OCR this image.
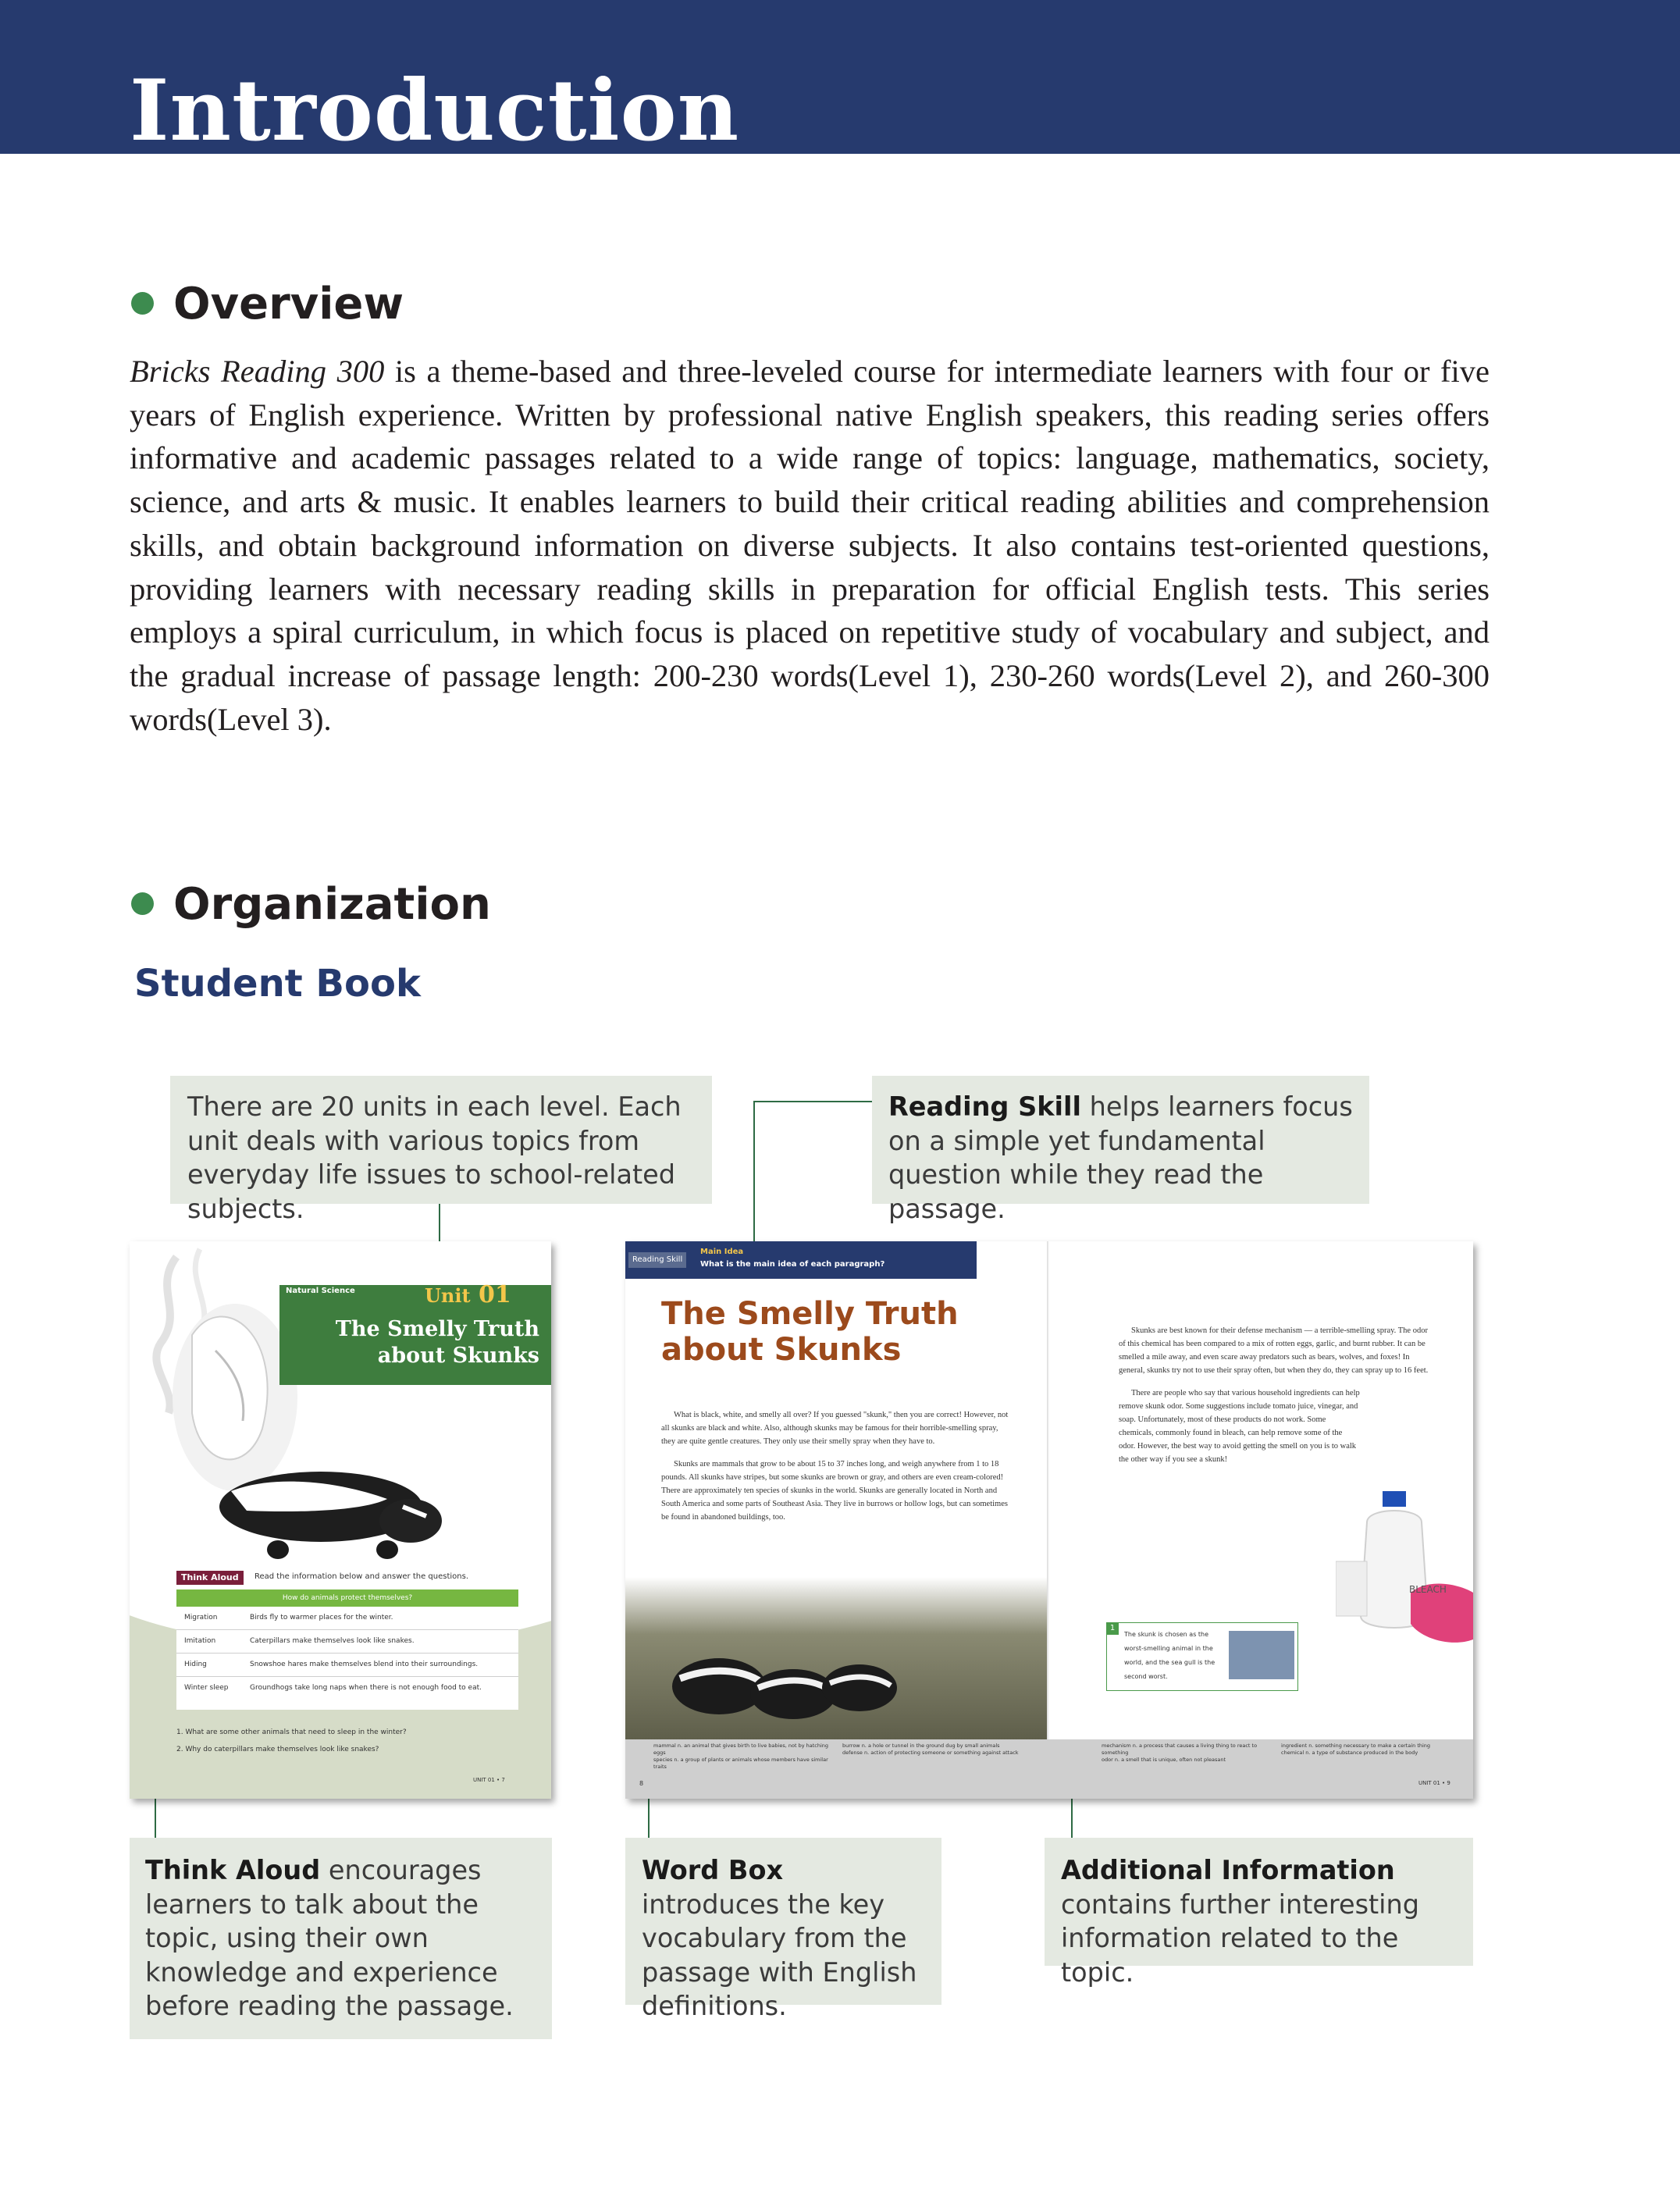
Introduction
Overview

Bricks Reading 300 is a theme-based and three-leveled course for intermediate learners with four or five years of English experience. Written by professional native English speakers, this reading series offers informative and academic passages related to a wide range of topics: language, mathematics, society, science, and arts & music. It enables learners to build their critical reading abilities and comprehension skills, and obtain background information on diverse subjects. It also contains test-oriented questions, providing learners with necessary reading skills in preparation for official English tests. This series employs a spiral curriculum, in which focus is placed on repetitive study of vocabulary and subject, and the gradual increase of passage length: 200-230 words(Level 1), 230-260 words(Level 2), and 260-300 words(Level 3).

Organization
Student Book
There are 20 units in each level. Each unit deals with various topics from everyday life issues to school-related subjects.
Reading Skill helps learners focus on a simple yet fundamental question while they read the passage.
Think Aloud encourages learners to talk about the topic, using their own knowledge and experience before reading the passage.
Word Box introduces the key vocabulary from the passage with English definitions.
Additional Information contains further interesting information related to the topic.
Natural Science	Unit 01
The Smelly Truth
about Skunks
Think Aloud	Read the information below and answer the questions.
How do animals protect themselves?
Migration	Birds fly to warmer places for the winter.
Imitation	Caterpillars make themselves look like snakes.
Hiding	Snowshoe hares make themselves blend into their surroundings.
Winter sleep	Groundhogs take long naps when there is not enough food to eat.
1. What are some other animals that need to sleep in the winter?
2. Why do caterpillars make themselves look like snakes?
UNIT 01 • 7
Reading Skill
Main Idea
What is the main idea of each paragraph?
The Smelly Truth
about Skunks

What is black, white, and smelly all over? If you guessed "skunk," then you are correct! However, not all skunks are black and white. Also, although skunks may be famous for their horrible-smelling spray, they are quite gentle creatures. They only use their smelly spray when they have to.

Skunks are mammals that grow to be about 15 to 37 inches long, and weigh anywhere from 1 to 18 pounds. All skunks have stripes, but some skunks are brown or gray, and others are even cream-colored! There are approximately ten species of skunks in the world. Skunks are generally located in North and South America and some parts of Southeast Asia. They live in burrows or hollow logs, but can sometimes be found in abandoned buildings, too.

Skunks are best known for their defense mechanism — a terrible-smelling spray. The odor of this chemical has been compared to a mix of rotten eggs, garlic, and burnt rubber. It can be smelled a mile away, and even scare away predators such as bears, wolves, and foxes! In general, skunks try not to use their spray often, but when they do, they can spray up to 16 feet.

There are people who say that various household ingredients can help remove skunk odor. Some suggestions include tomato juice, vinegar, and soap. Unfortunately, most of these products do not work. Some chemicals, commonly found in bleach, can help remove some of the odor. However, the best way to avoid getting the smell on you is to walk the other way if you see a skunk!

BLEACH
1
The skunk is chosen as the worst-smelling animal in the world, and the sea gull is the second worst.
mammal n. an animal that gives birth to live babies, not by hatching eggs
species n. a group of plants or animals whose members have similar traits
burrow n. a hole or tunnel in the ground dug by small animals
defense n. action of protecting someone or something against attack
mechanism n. a process that causes a living thing to react to something
odor n. a smell that is unique, often not pleasant
ingredient n. something necessary to make a certain thing
chemical n. a type of substance produced in the body
8	UNIT 01 • 9
